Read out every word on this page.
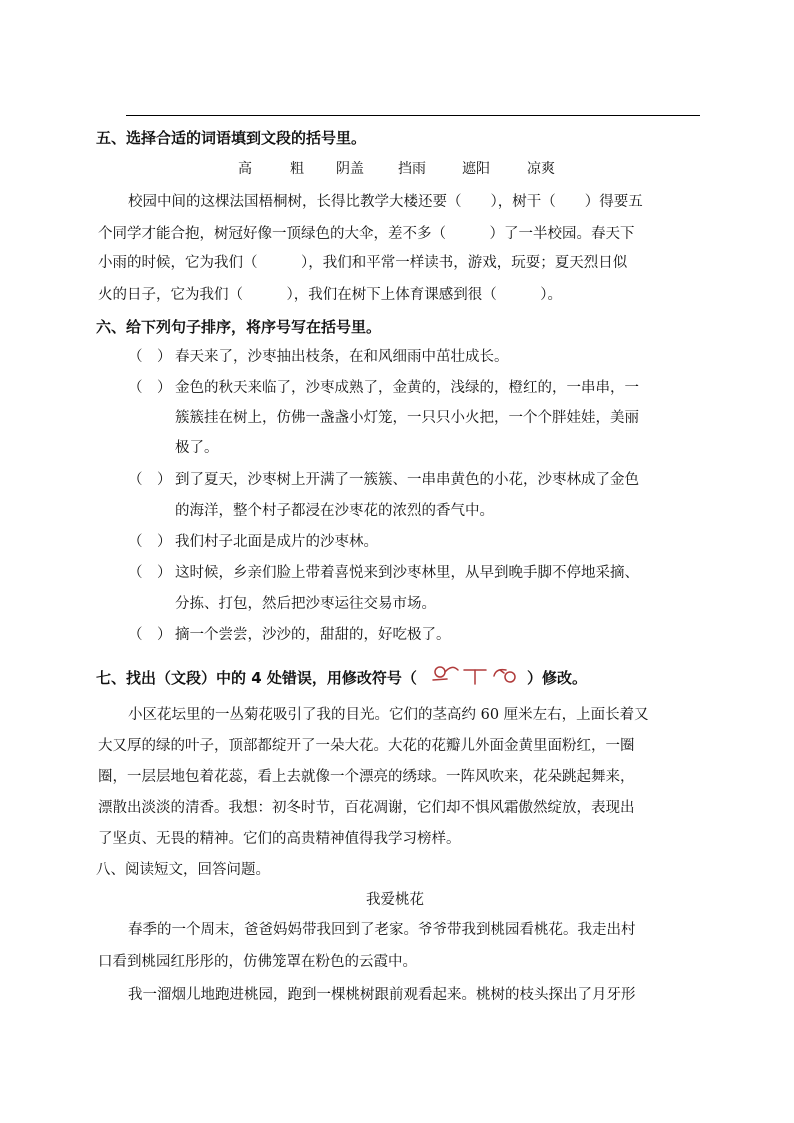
五、选择合适的词语填到文段的括号里。
高	粗 阴盖 挡雨	遮阳	凉爽
校园中间的这棵法国梧桐树，长得比教学大楼还要（　　），树干（　　）得要五
个同学才能合抱，树冠好像一顶绿色的大伞，差不多（　　　）了一半校园。春天下
小雨的时候，它为我们（　　　），我们和平常一样读书，游戏，玩耍；夏天烈日似
火的日子，它为我们（　　　），我们在树下上体育课感到很（　　　）。
六、给下列句子排序，将序号写在括号里。
（　） 春天来了，沙枣抽出枝条，在和风细雨中茁壮成长。
（　） 金色的秋天来临了，沙枣成熟了，金黄的，浅绿的，橙红的，一串串，一
簇簇挂在树上，仿佛一盏盏小灯笼，一只只小火把，一个个胖娃娃，美丽
极了。
（　） 到了夏天，沙枣树上开满了一簇簇、一串串黄色的小花，沙枣林成了金色
的海洋，整个村子都浸在沙枣花的浓烈的香气中。
（　） 我们村子北面是成片的沙枣林。
（　） 这时候，乡亲们脸上带着喜悦来到沙枣林里，从早到晚手脚不停地采摘、
分拣、打包，然后把沙枣运往交易市场。
（　） 摘一个尝尝，沙沙的，甜甜的，好吃极了。
七、找出（文段）中的 4 处错误，用修改符号（	）修改。
小区花坛里的一丛菊花吸引了我的目光。它们的茎高约 60 厘米左右，上面长着又
大又厚的绿的叶子，顶部都绽开了一朵大花。大花的花瓣儿外面金黄里面粉红，一圈
圈，一层层地包着花蕊，看上去就像一个漂亮的绣球。一阵风吹来，花朵跳起舞来，
漂散出淡淡的清香。我想：初冬时节，百花凋谢，它们却不惧风霜傲然绽放，表现出
了坚贞、无畏的精神。它们的高贵精神值得我学习榜样。
八、阅读短文，回答问题。
我爱桃花
春季的一个周末，爸爸妈妈带我回到了老家。爷爷带我到桃园看桃花。我走出村
口看到桃园红彤彤的，仿佛笼罩在粉色的云霞中。
我一溜烟儿地跑进桃园，跑到一棵桃树跟前观看起来。桃树的枝头探出了月牙形
